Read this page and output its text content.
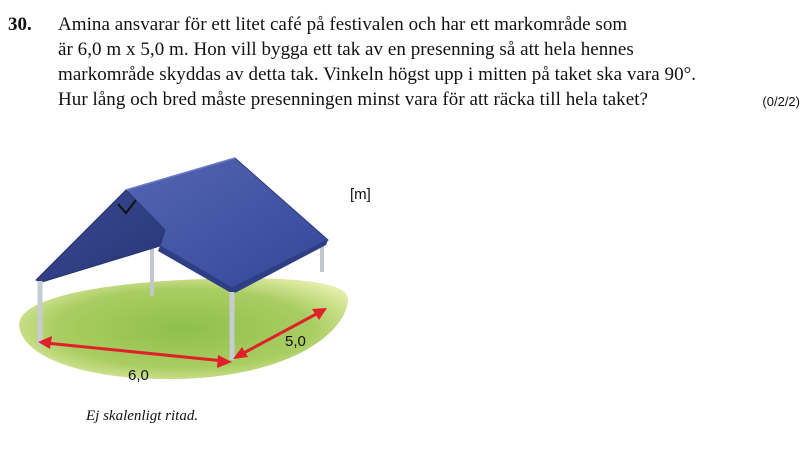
30. Amina ansvarar för ett litet café på festivalen och har ett markområde som
är 6,0 m x 5,0 m. Hon vill bygga ett tak av en presenning så att hela hennes
markområde skyddas av detta tak. Vinkeln högst upp i mitten på taket ska vara 90°.
Hur lång och bred måste presenningen minst vara för att räcka till hela taket?	(0/2/2)
[m]
6,0
5,0
Ej skalenligt ritad.
